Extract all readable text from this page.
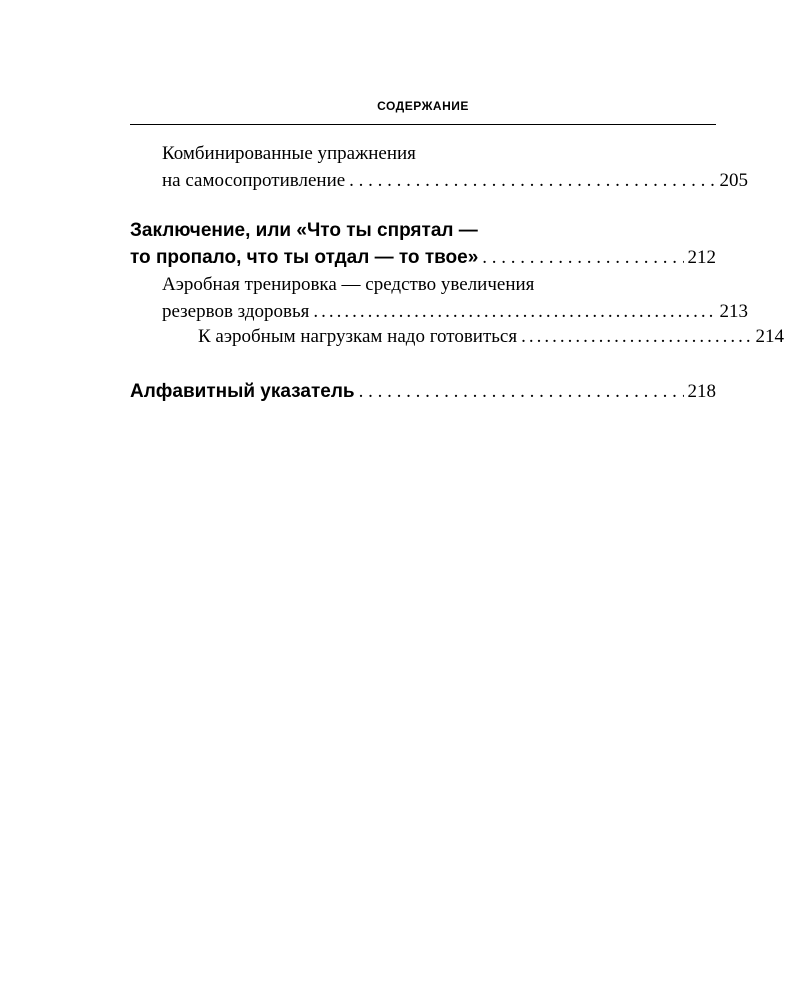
СОДЕРЖАНИЕ
Комбинированные упражнения
на самосопротивление . . .	205
Заключение, или «Что ты спрятал —
то пропало, что ты отдал — то твое» . . .	212
Аэробная тренировка — средство увеличения
резервов здоровья .....	213
К аэробным нагрузкам надо готовиться .....	214
Алфавитный указатель . . .	218
